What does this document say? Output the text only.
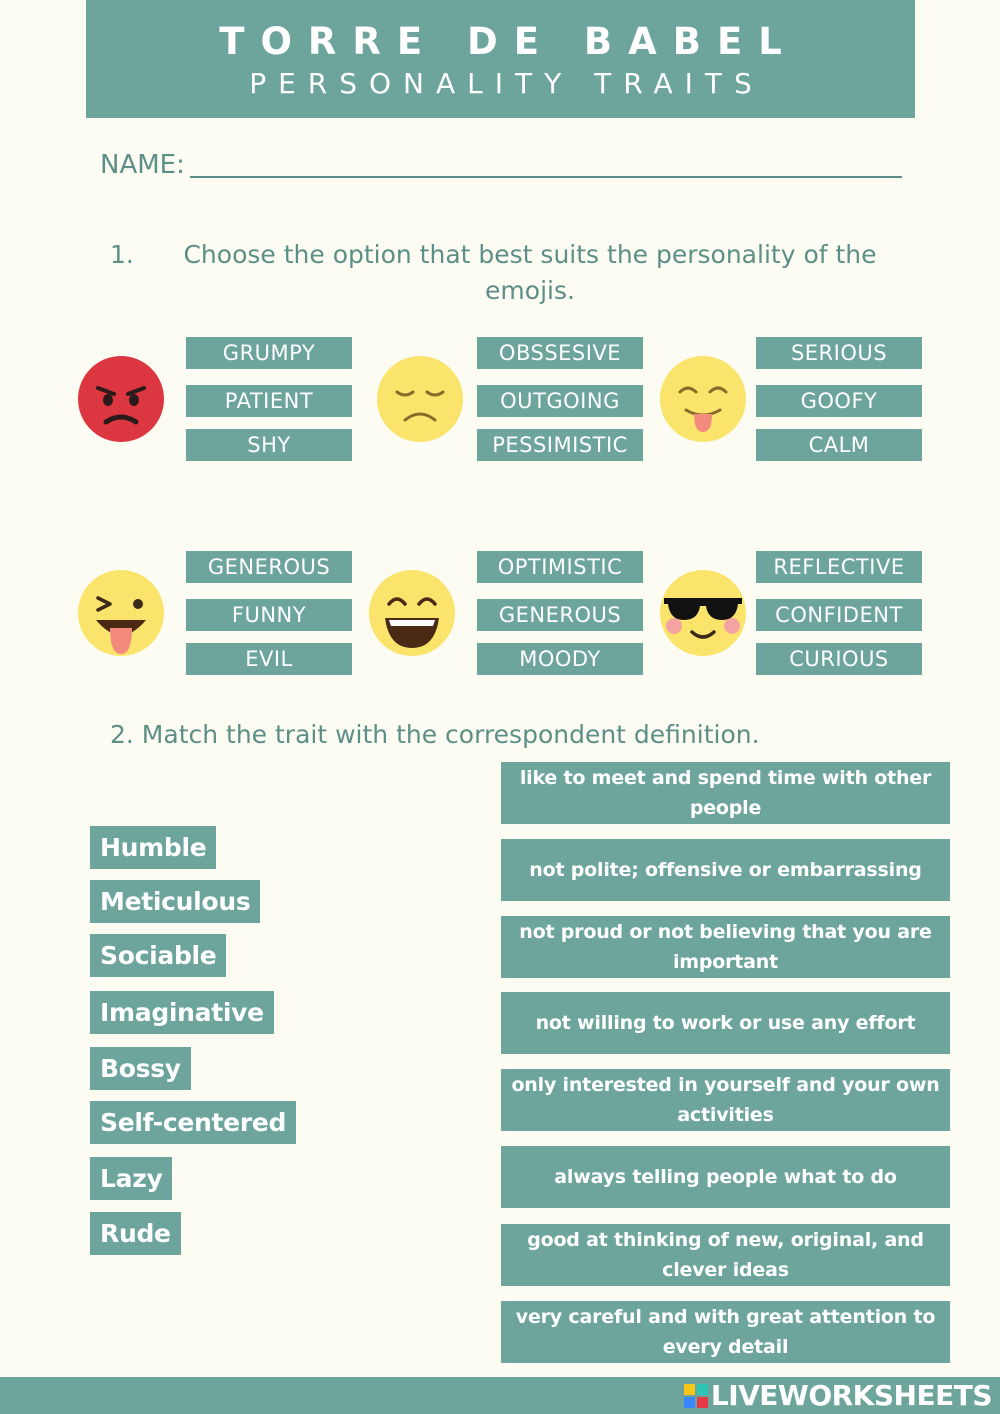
TORRE DE BABEL
PERSONALITY TRAITS
NAME:
1.	Choose the option that best suits the personality of the emojis.
GRUMPY
PATIENT
SHY
OBSSESIVE
OUTGOING
PESSIMISTIC
SERIOUS
GOOFY
CALM
GENEROUS
FUNNY
EVIL
OPTIMISTIC
GENEROUS
MOODY
REFLECTIVE
CONFIDENT
CURIOUS
2. Match the trait with the correspondent definition.
Humble
Meticulous
Sociable
Imaginative
Bossy
Self-centered
Lazy
Rude
like to meet and spend time with other people
not polite; offensive or embarrassing
not proud or not believing that you are important
not willing to work or use any effort
only interested in yourself and your own activities
always telling people what to do
good at thinking of new, original, and clever ideas
very careful and with great attention to every detail
LIVEWORKSHEETS
